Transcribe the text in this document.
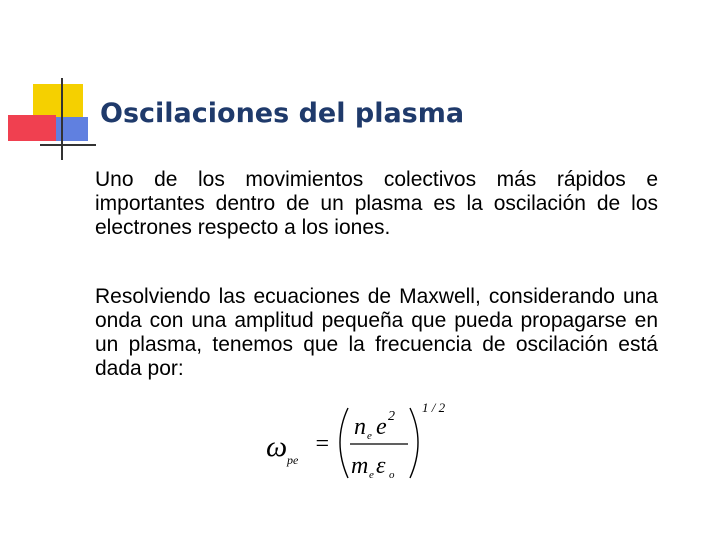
Oscilaciones del plasma

Uno de los movimientos colectivos más rápidos e importantes dentro de un plasma es la oscilación de los electrones respecto a los iones.

Resolviendo las ecuaciones de Maxwell, considerando una onda con una amplitud pequeña que pueda propagarse en un plasma, tenemos que la frecuencia de oscilación está dada por:

ω pe
=
n e e 2
m e ε o
1 / 2
